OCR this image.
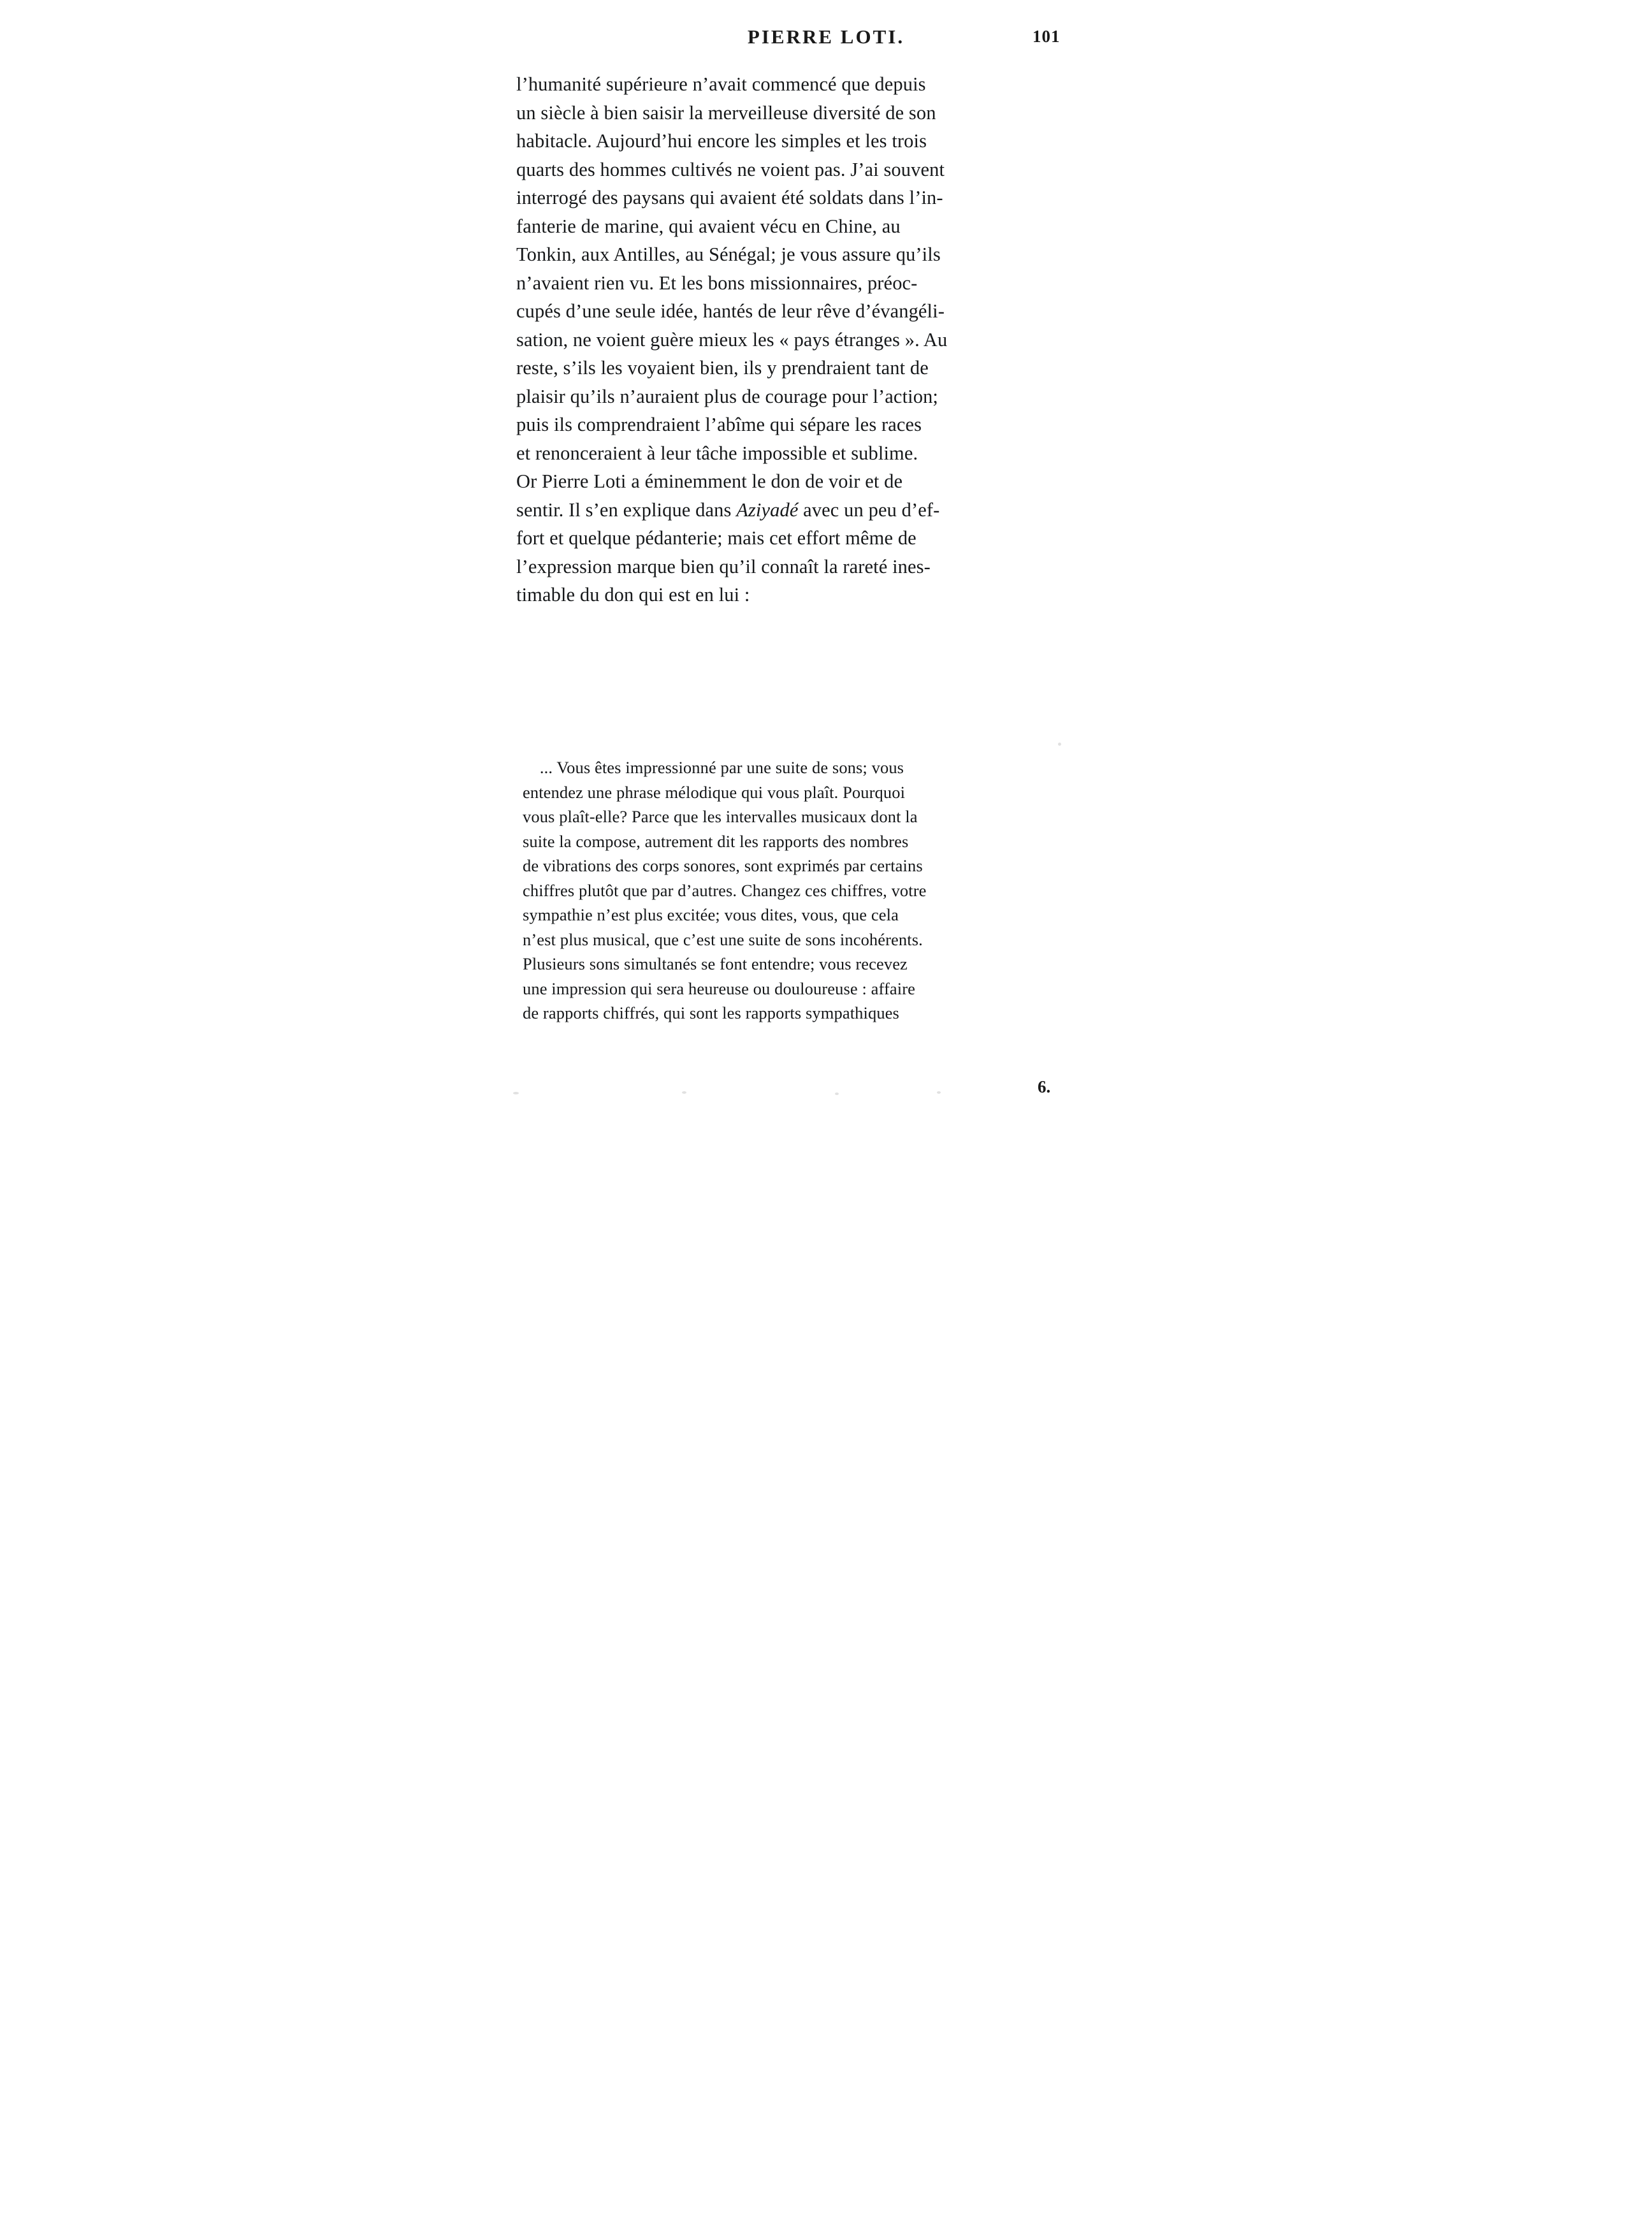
PIERRE LOTI.	101
l’humanité supérieure n’avait commencé que depuis
un siècle à bien saisir la merveilleuse diversité de son
habitacle. Aujourd’hui encore les simples et les trois
quarts des hommes cultivés ne voient pas. J’ai souvent
interrogé des paysans qui avaient été soldats dans l’in-
fanterie de marine, qui avaient vécu en Chine, au
Tonkin, aux Antilles, au Sénégal; je vous assure qu’ils
n’avaient rien vu. Et les bons missionnaires, préoc-
cupés d’une seule idée, hantés de leur rêve d’évangéli-
sation, ne voient guère mieux les « pays étranges ». Au
reste, s’ils les voyaient bien, ils y prendraient tant de
plaisir qu’ils n’auraient plus de courage pour l’action;
puis ils comprendraient l’abîme qui sépare les races
et renonceraient à leur tâche impossible et sublime.
Or Pierre Loti a éminemment le don de voir et de
sentir. Il s’en explique dans Aziyadé avec un peu d’ef-
fort et quelque pédanterie; mais cet effort même de
l’expression marque bien qu’il connaît la rareté ines-
timable du don qui est en lui :
... Vous êtes impressionné par une suite de sons; vous
entendez une phrase mélodique qui vous plaît. Pourquoi
vous plaît-elle? Parce que les intervalles musicaux dont la
suite la compose, autrement dit les rapports des nombres
de vibrations des corps sonores, sont exprimés par certains
chiffres plutôt que par d’autres. Changez ces chiffres, votre
sympathie n’est plus excitée; vous dites, vous, que cela
n’est plus musical, que c’est une suite de sons incohérents.
Plusieurs sons simultanés se font entendre; vous recevez
une impression qui sera heureuse ou douloureuse : affaire
de rapports chiffrés, qui sont les rapports sympathiques
6.
